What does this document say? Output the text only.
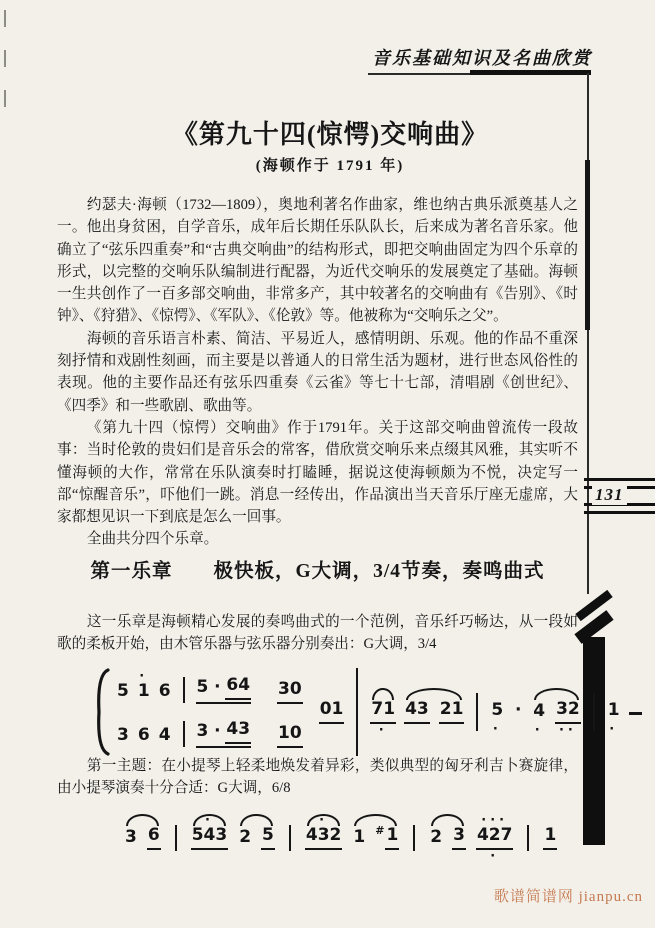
音乐基础知识及名曲欣赏
131
《第九十四(惊愕)交响曲》
(海顿作于 1791 年)

约瑟夫·海顿（1732—1809），奥地利著名作曲家，维也纳古典乐派奠基人之一。他出身贫困，自学音乐，成年后长期任乐队队长，后来成为著名音乐家。他确立了“弦乐四重奏”和“古典交响曲”的结构形式，即把交响曲固定为四个乐章的形式，以完整的交响乐队编制进行配器，为近代交响乐的发展奠定了基础。海顿一生共创作了一百多部交响曲，非常多产，其中较著名的交响曲有《告别》、《时钟》、《狩猎》、《惊愕》、《军队》、《伦敦》等。他被称为“交响乐之父”。

海顿的音乐语言朴素、简洁、平易近人，感情明朗、乐观。他的作品不重深刻抒情和戏剧性刻画，而主要是以普通人的日常生活为题材，进行世态风俗性的表现。他的主要作品还有弦乐四重奏《云雀》等七十七部，清唱剧《创世纪》、《四季》和一些歌剧、歌曲等。

《第九十四（惊愕）交响曲》作于1791年。关于这部交响曲曾流传一段故事：当时伦敦的贵妇们是音乐会的常客，借欣赏交响乐来点缀其风雅，其实听不懂海顿的大作，常常在乐队演奏时打瞌睡，据说这使海顿颇为不悦，决定写一部“惊醒音乐”，吓他们一跳。消息一经传出，作品演出当天音乐厅座无虚席，大家都想见识一下到底是怎么一回事。

全曲共分四个乐章。

第一乐章　　极快板，G大调，3/4节奏，奏鸣曲式

这一乐章是海顿精心发展的奏鸣曲式的一个范例，音乐纤巧畅达，从一段如歌的柔板开始，由木管乐器与弦乐器分别奏出：G大调，3/4

5 1
·
6 5 · 64 30
3 6 4 3 · 43 10
01 71
·
43 21 5
·
· 4
·
32
··
1
·

第一主题：在小提琴上轻柔地焕发着异彩，类似典型的匈牙利吉卜赛旋律，由小提琴演奏十分合适：G大调，6/8

3 6 543
·
2 5 432
·
1 # 1 2 3 427
···
·
1
歌谱简谱网 jianpu.cn
